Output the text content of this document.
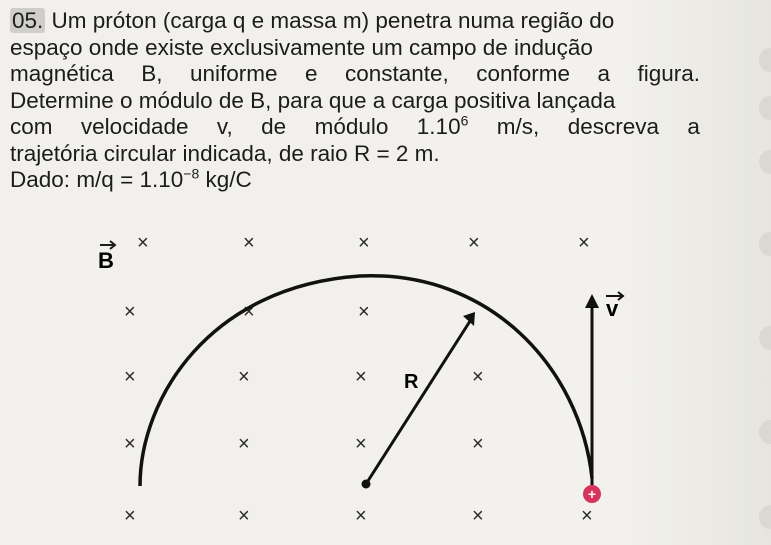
05. Um próton (carga q e massa m) penetra numa região do

espaço onde existe exclusivamente um campo de indução

magnética B, uniforme e constante, conforme a figura.

Determine o módulo de B, para que a carga positiva lançada

com velocidade v, de módulo 1.10$^6$ m/s, descreva a

trajetória circular indicada, de raio R = 2 m.

Dado: $m/q = 1.10^{-8}$ kg/C

B
×	×	×	×	×
×	×	×
×	×	×	×
×	×	×	×
×	×	×	×	×
R
v
+
